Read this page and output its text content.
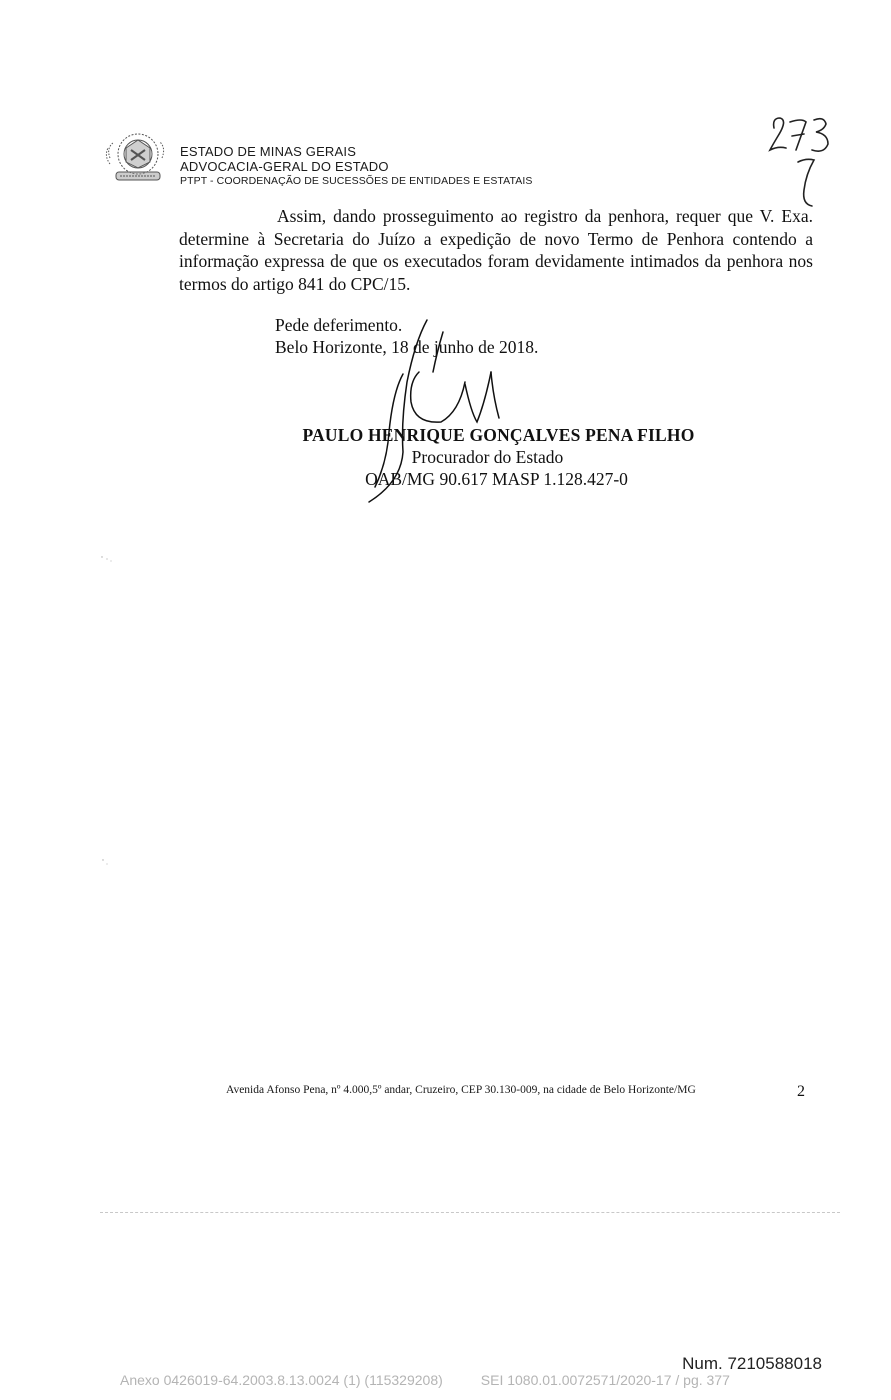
ESTADO DE MINAS GERAIS
ADVOCACIA-GERAL DO ESTADO
PTPT - COORDENAÇÃO DE SUCESSÕES DE ENTIDADES E ESTATAIS
Assim, dando prosseguimento ao registro da penhora, requer que V. Exa. determine à Secretaria do Juízo a expedição de novo Termo de Penhora contendo a informação expressa de que os executados foram devidamente intimados da penhora nos termos do artigo 841 do CPC/15.
Pede deferimento.
Belo Horizonte, 18 de junho de 2018.
PAULO HENRIQUE GONÇALVES PENA FILHO
Procurador do Estado
OAB/MG 90.617 MASP 1.128.427-0
Avenida Afonso Pena, nº 4.000,5º andar, Cruzeiro, CEP 30.130-009, na cidade de Belo Horizonte/MG	2
Num. 7210588018
Anexo 0426019-64.2003.8.13.0024 (1) (115329208)	SEI 1080.01.0072571/2020-17 / pg. 377
